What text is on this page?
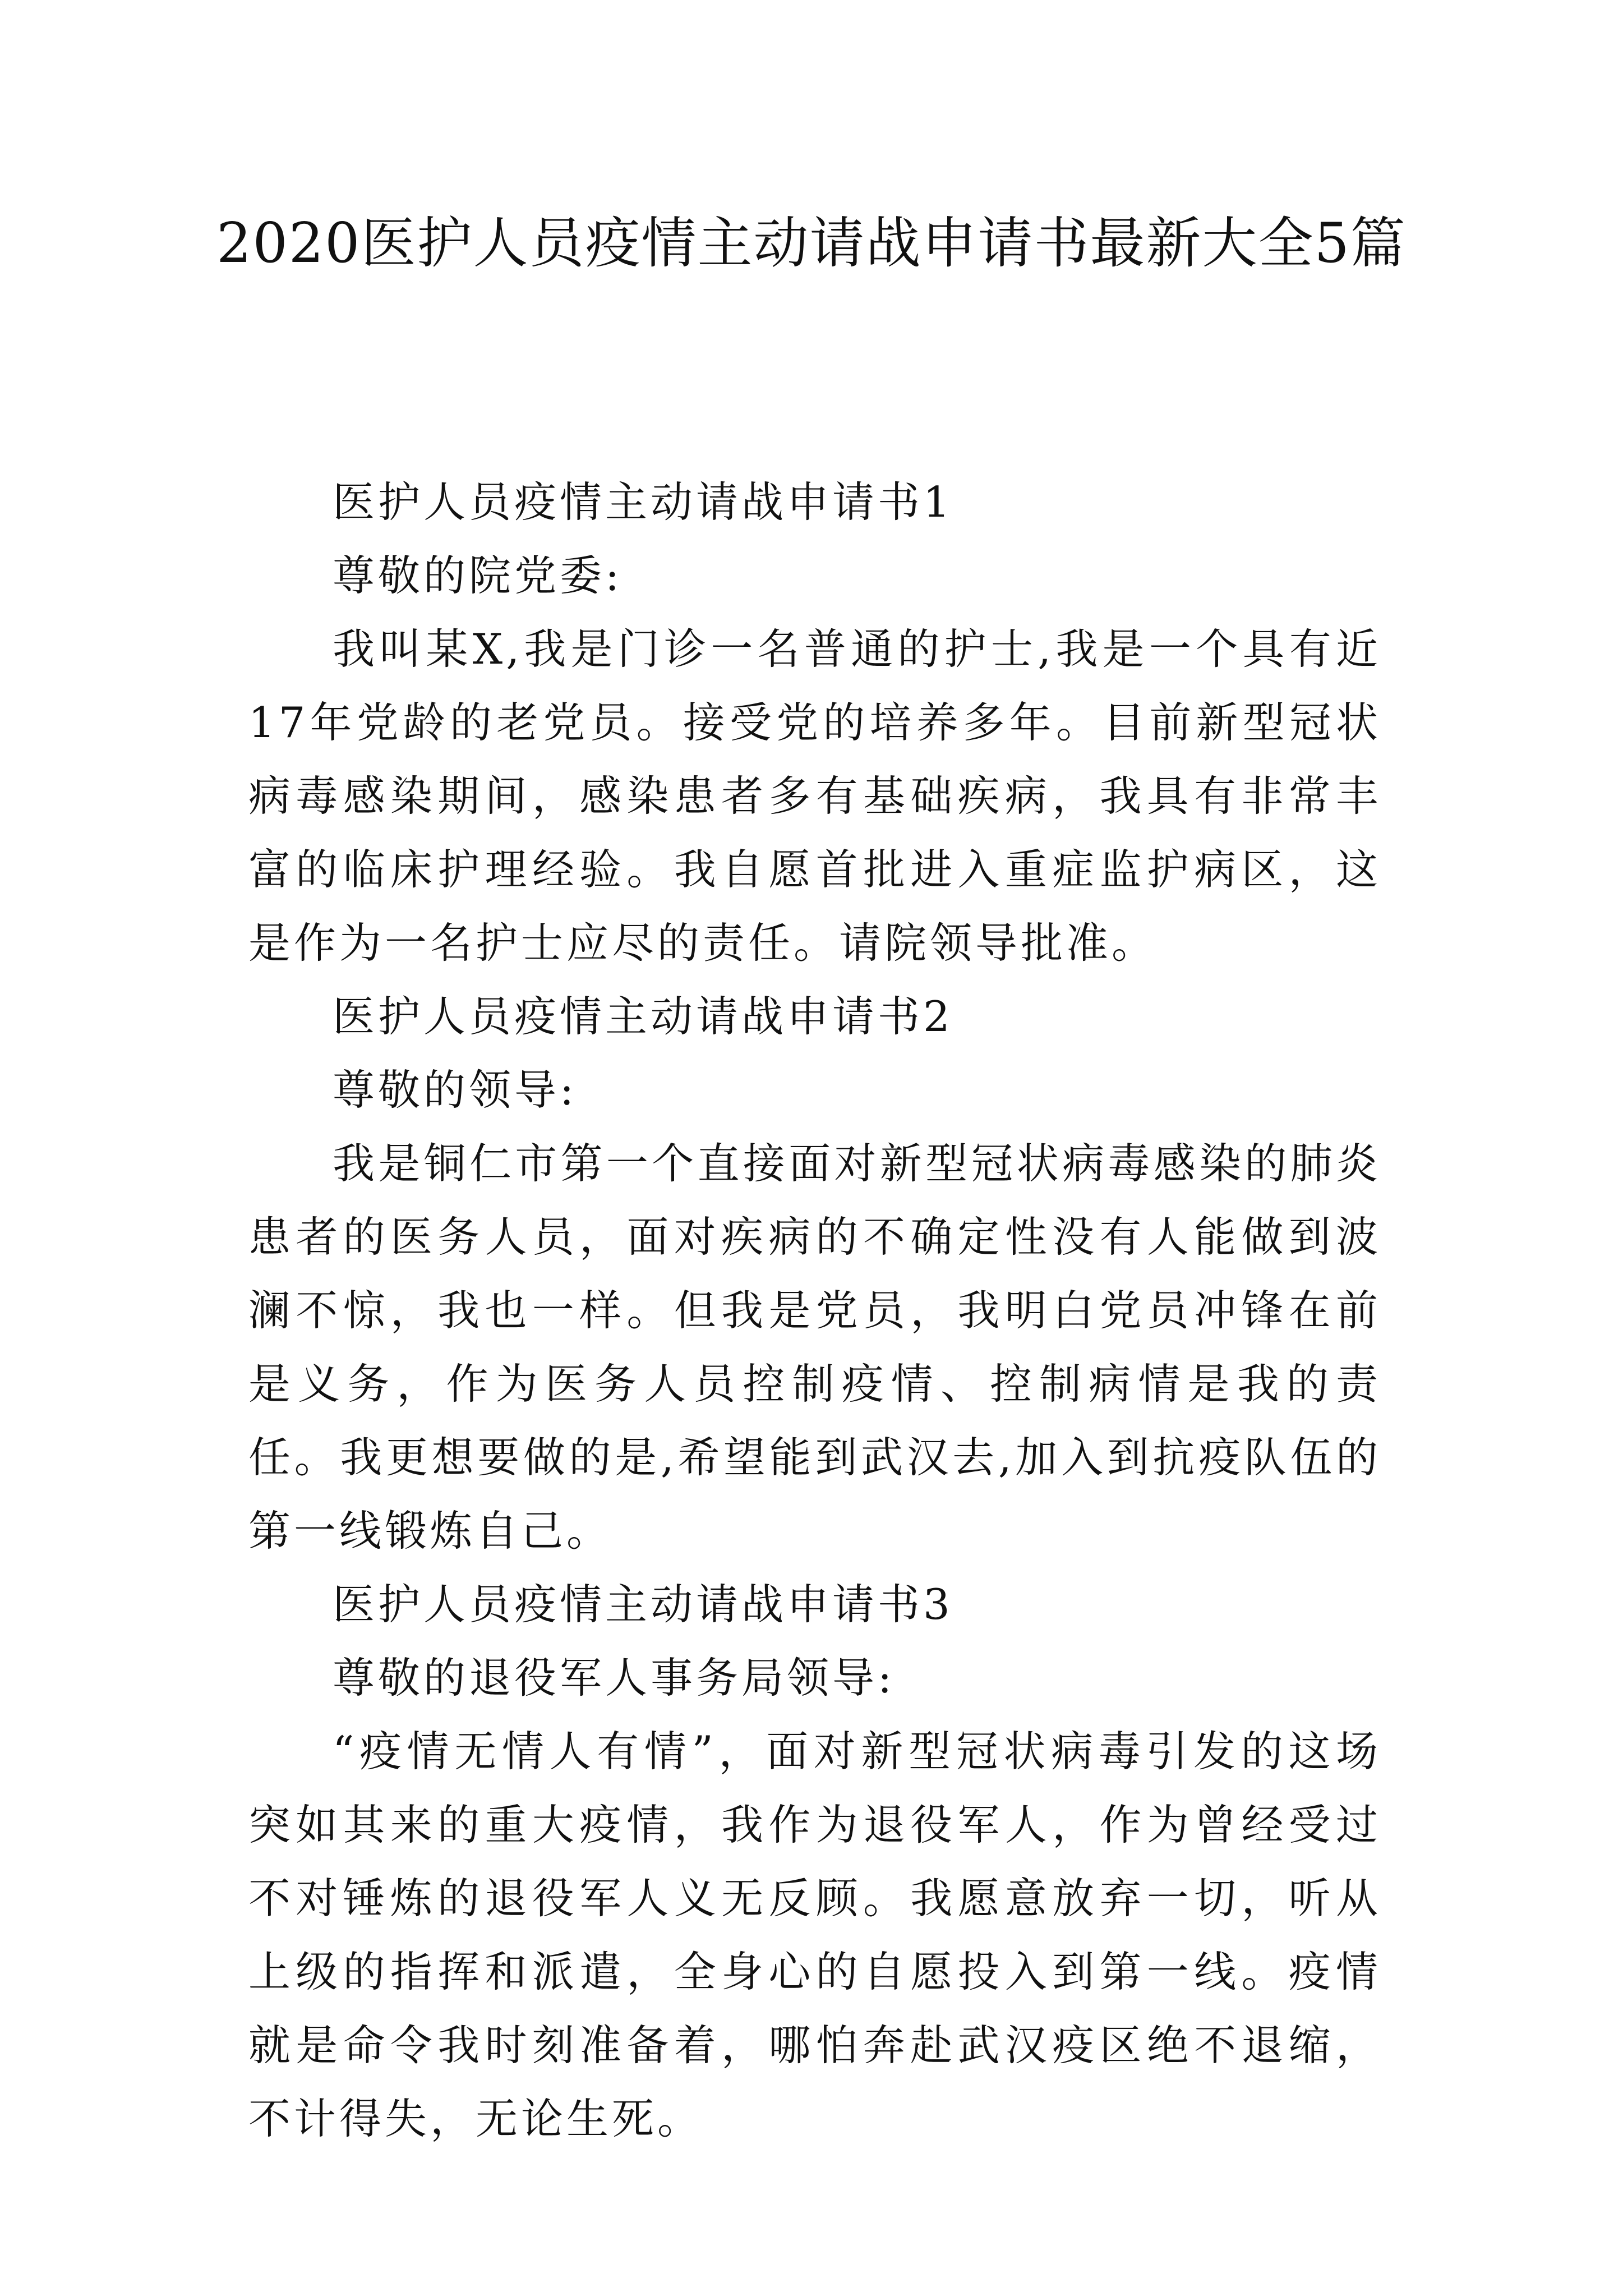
2020医护人员疫情主动请战申请书最新大全5篇

医护人员疫情主动请战申请书1

尊敬的院党委:

我叫某X,我是门诊一名普通的护士,我是一个具有近17年党龄的老党员。接受党的培养多年。目前新型冠状病毒感染期间，感染患者多有基础疾病，我具有非常丰富的临床护理经验。我自愿首批进入重症监护病区，这是作为一名护士应尽的责任。请院领导批准。

医护人员疫情主动请战申请书2

尊敬的领导:

我是铜仁市第一个直接面对新型冠状病毒感染的肺炎患者的医务人员，面对疾病的不确定性没有人能做到波澜不惊，我也一样。但我是党员，我明白党员冲锋在前是义务，作为医务人员控制疫情、控制病情是我的责任。我更想要做的是,希望能到武汉去,加入到抗疫队伍的第一线锻炼自己。

医护人员疫情主动请战申请书3

尊敬的退役军人事务局领导:

“疫情无情人有情”，面对新型冠状病毒引发的这场突如其来的重大疫情，我作为退役军人，作为曾经受过不对锤炼的退役军人义无反顾。我愿意放弃一切，听从上级的指挥和派遣，全身心的自愿投入到第一线。疫情就是命令我时刻准备着，哪怕奔赴武汉疫区绝不退缩，不计得失，无论生死。
